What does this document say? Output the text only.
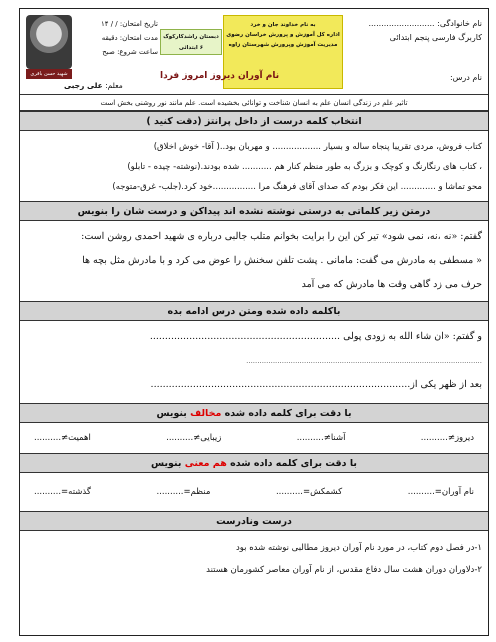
نام خانوادگی: ..........................
کاربرگ فارسی پنجم ابتدائی
به نام خداوند جان و خرد
اداره کل آموزش و پرورش خراسان رضوی
مدیریت آموزش وپرورش شهرستان زاوه
دبستان راشدکارکوک ۶ ابتدائی
تاریخ امتحان: / / ۱۴
مدت امتحان: دقیقه
ساعت شروع: صبح
شهید حسن باقری	نام درس:
نام آوران دیروز امروز فردا
معلم: علی رجبی
تاثیر علم در زندگی انسان علم به انسان شناخت و توانائی بخشیده است. علم مانند نور روشنی بخش است
انتخاب کلمه درست از داخل پرانتز (دقت کنید )
کتاب فروش، مردی تقریبا پنجاه ساله و بسیار .................. و مهربان بود..( آقا- خوش اخلاق)
، کتاب های رنگارنگ و کوچک و بزرگ به طور منظم کنار هم ........... شده بودند.(نوشته- چیده - تابلو)
محو تماشا و ............. این فکر بودم که صدای آقای فرهنگ مرا ................خود کرد.(جلب- غرق-متوجه)
درمتن زیر کلماتی به درستی نوشته نشده اند پیداکن و درست شان را بنویس
گفتم: «نه ،نه، نمی شود» تیر کن این را برایت بخوانم متلب جالبی درباره ی شهید احمدی روشن است:
« مسطفی به مادرش می گفت: مامانی . پشت تلفن سخنش را عوض می کرد و با مادرش مثل بچه ها
حرف می زد گاهی وقت ها مادرش که می آمد
باکلمه داده شده ومتن درس ادامه بده
و گفتم: «ان شاء الله به زودی پولی ...............................................................
..........................................................................................................
بعد از ظهر یکی از......................................................................................
با دقت برای کلمه داده شده مخالف بنویس
دیروز≠..........
آشنا≠..........
زیبایی≠..........
اهمیت≠..........
با دقت برای کلمه داده شده هم معنی بنویس
نام آوران=..........
کشمکش=..........
منظم=..........
گذشته=..........
درست ونادرست
۱-در فصل دوم کتاب، در مورد نام آوران دیروز مطالبی نوشته شده بود
۲-دلاوران دوران هشت سال دفاع مقدس، از نام آوران معاصر کشورمان هستند
